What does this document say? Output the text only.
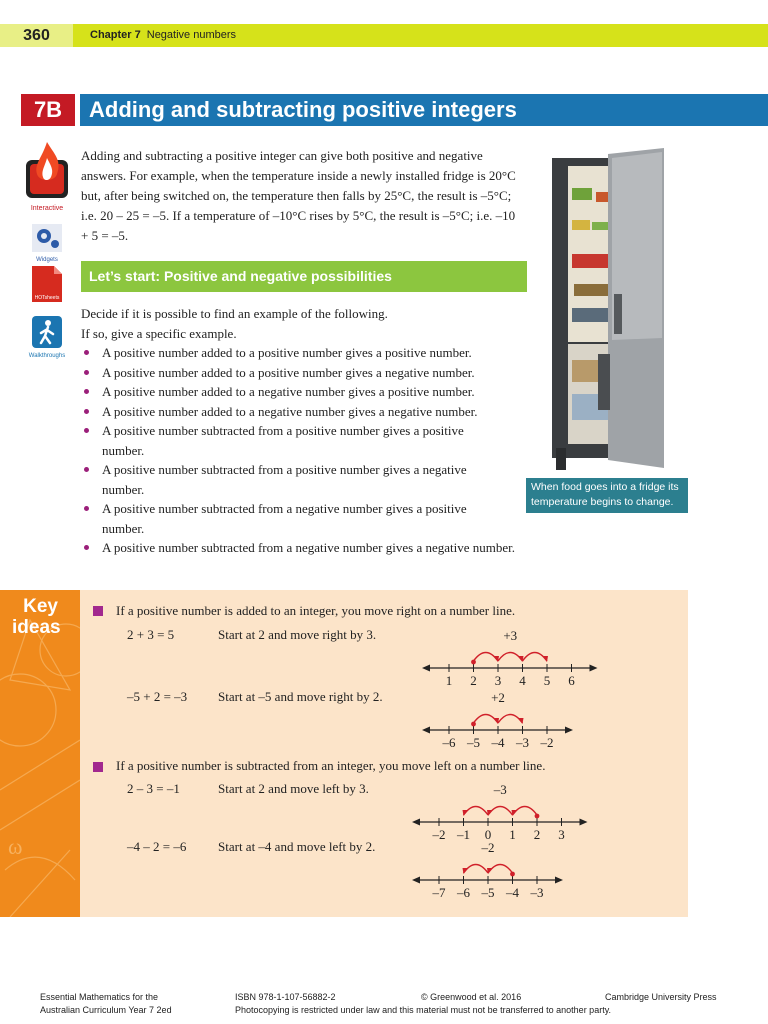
360	Chapter 7 Negative numbers
7B	Adding and subtracting positive integers
Interactive
Widgets
HOTsheets
Walkthroughs
Adding and subtracting a positive integer can give both positive and negative answers. For example, when the temperature inside a newly installed fridge is 20°C but, after being switched on, the temperature then falls by 25°C, the result is –5°C; i.e. 20 – 25 = –5. If a temperature of –10°C rises by 5°C, the result is –5°C; i.e. –10 + 5 = –5.
When food goes into a fridge its temperature begins to change.
Let’s start: Positive and negative possibilities
Decide if it is possible to find an example of the following.
If so, give a specific example.
A positive number added to a positive number gives a positive number.
A positive number added to a positive number gives a negative number.
A positive number added to a negative number gives a positive number.
A positive number added to a negative number gives a negative number.
A positive number subtracted from a positive number gives a positive number.
A positive number subtracted from a positive number gives a negative number.
A positive number subtracted from a negative number gives a positive number.
A positive number subtracted from a negative number gives a negative number.
ω
Key
ideas
If a positive number is added to an integer, you move right on a number line.
If a positive number is subtracted from an integer, you move left on a number line.
2 + 3 = 5	Start at 2 and move right by 3.
–5 + 2 = –3 Start at –5 and move right by 2.
2 – 3 = –1	Start at 2 and move left by 3.
–4 – 2 = –6 Start at –4 and move left by 2.
1 2 3 4 5 6
+3
–6 –5 –4 –3 –2
+2
–2 –1 0 1 2 3
–3
–7 –6 –5 –4 –3
–2
Essential Mathematics for the
Australian Curriculum Year 7 2ed
ISBN 978-1-107-56882-2	© Greenwood et al. 2016	Cambridge University Press
Photocopying is restricted under law and this material must not be transferred to another party.
